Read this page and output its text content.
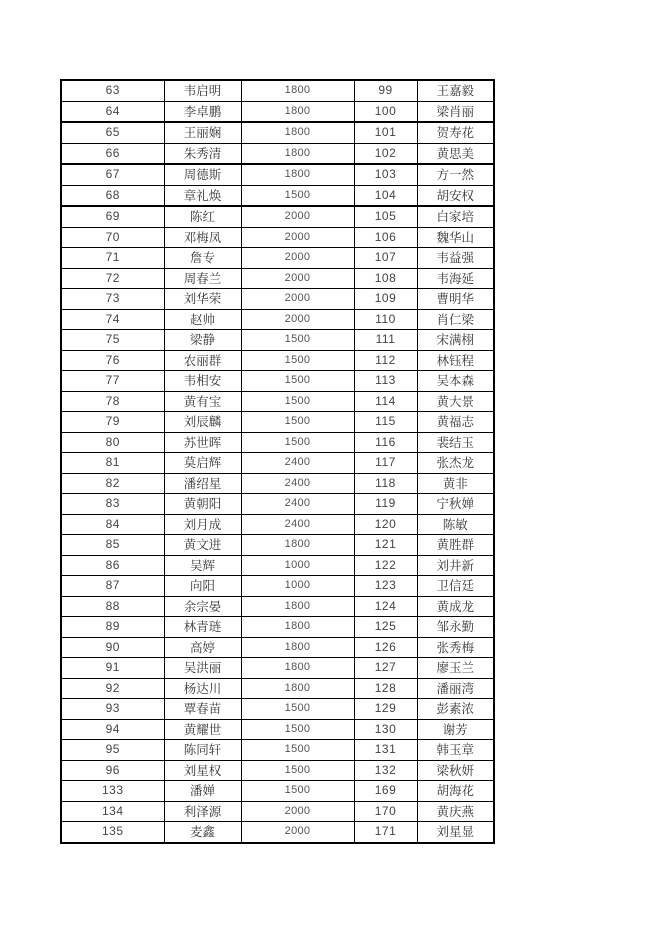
63	韦启明	1800	99	王嘉毅
64	李卓鹏	1800	100	梁肖丽
65	王丽娴	1800	101	贺寿花
66	朱秀清	1800	102	黄思美
67	周德斯	1800	103	方一然
68	章礼焕	1500	104	胡安权
69	陈红	2000	105	白家培
70	邓梅凤	2000	106	魏华山
71	詹专	2000	107	韦益强
72	周春兰	2000	108	韦海延
73	刘华荣	2000	109	曹明华
74	赵帅	2000	110	肖仁梁
75	梁静	1500	111	宋满栩
76	农丽群	1500	112	林钰程
77	韦相安	1500	113	吴本森
78	黄有宝	1500	114	黄大景
79	刘辰麟	1500	115	黄福志
80	苏世晖	1500	116	裴结玉
81	莫启辉	2400	117	张杰龙
82	潘绍星	2400	118	黄非
83	黄朝阳	2400	119	宁秋婵
84	刘月成	2400	120	陈敏
85	黄文进	1800	121	黄胜群
86	吴辉	1000	122	刘井新
87	向阳	1000	123	卫信廷
88	余宗晏	1800	124	黄成龙
89	林青琏	1800	125	邹永勤
90	高婷	1800	126	张秀梅
91	吴洪丽	1800	127	廖玉兰
92	杨达川	1800	128	潘丽湾
93	覃春苗	1500	129	彭素浓
94	黄耀世	1500	130	谢芳
95	陈同轩	1500	131	韩玉章
96	刘星权	1500	132	梁秋妍
133	潘婵	1500	169	胡海花
134	利泽源	2000	170	黄庆燕
135	麦鑫	2000	171	刘星显
